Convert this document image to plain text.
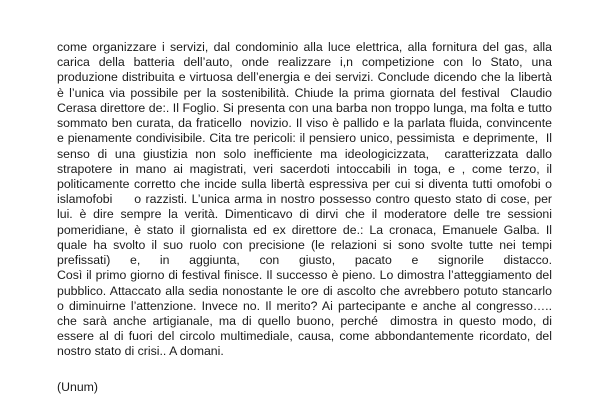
come organizzare i servizi, dal condominio alla luce elettrica, alla fornitura del gas, alla
carica della batteria dell’auto, onde realizzare i,n competizione con lo Stato, una
produzione distribuita e virtuosa dell’energia e dei servizi. Conclude dicendo che la libertà
è l’unica via possibile per la sostenibilità. Chiude la prima giornata del festival  Claudio
Cerasa direttore de:. Il Foglio. Si presenta con una barba non troppo lunga, ma folta e tutto
sommato ben curata, da fraticello  novizio. Il viso è pallido e la parlata fluida, convincente
e pienamente condivisibile. Cita tre pericoli: il pensiero unico, pessimista  e deprimente,  Il
senso di una giustizia non solo inefficiente ma ideologicizzata,  caratterizzata dallo
strapotere in mano ai magistrati, veri sacerdoti intoccabili in toga, e , come terzo, il
politicamente corretto che incide sulla libertà espressiva per cui si diventa tutti omofobi o
islamofobi     o razzisti. L’unica arma in nostro possesso contro questo stato di cose, per
lui. è dire sempre la verità. Dimenticavo di dirvi che il moderatore delle tre sessioni
pomeridiane, è stato il giornalista ed ex direttore de.: La cronaca, Emanuele Galba. Il
quale ha svolto il suo ruolo con precisione (le relazioni si sono svolte tutte nei tempi
prefissati) e, in aggiunta, con giusto, pacato e signorile distacco.
Così il primo giorno di festival finisce. Il successo è pieno. Lo dimostra l’atteggiamento del
pubblico. Attaccato alla sedia nonostante le ore di ascolto che avrebbero potuto stancarlo
o diminuirne l’attenzione. Invece no. Il merito? Ai partecipante e anche al congresso…..
che sarà anche artigianale, ma di quello buono, perché  dimostra in questo modo, di
essere al di fuori del circolo multimediale, causa, come abbondantemente ricordato, del
nostro stato di crisi.. A domani.
(Unum)
